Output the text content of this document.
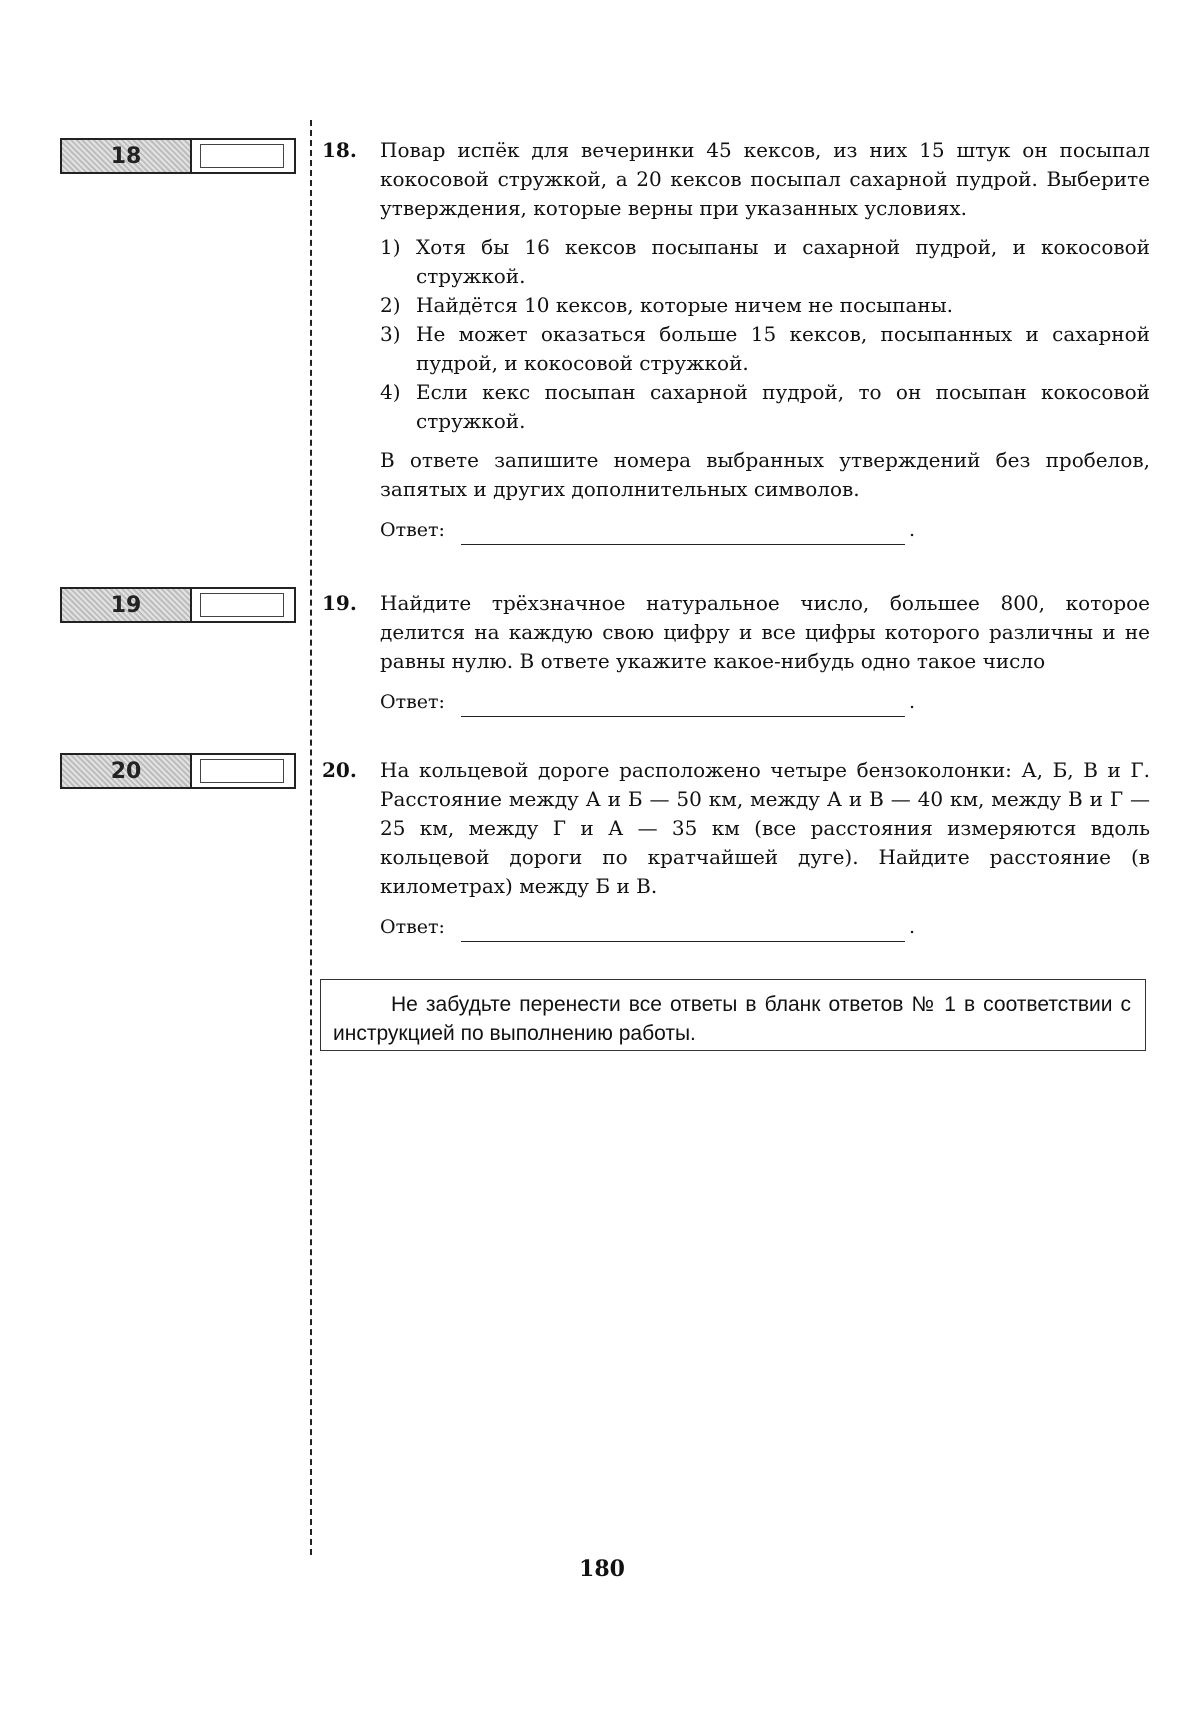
18
19
20
18. Повар испёк для вечеринки 45 кексов, из них 15 штук он посыпал кокосовой стружкой, а 20 кексов посыпал сахарной пудрой. Выберите утверждения, которые верны при указанных условиях.

1) Хотя бы 16 кексов посыпаны и сахарной пудрой, и кокосовой стружкой.
2) Найдётся 10 кексов, которые ничем не посыпаны.
3) Не может оказаться больше 15 кексов, посыпанных и сахарной пудрой, и кокосовой стружкой.
4) Если кекс посыпан сахарной пудрой, то он посыпан кокосовой стружкой.

В ответе запишите номера выбранных утверждений без пробелов, запятых и других дополнительных символов.

Ответ:	.
19. Найдите трёхзначное натуральное число, большее 800, которое делится на каждую свою цифру и все цифры которого различны и не равны нулю. В ответе укажите какое-нибудь одно такое число

Ответ:	.
20. На кольцевой дороге расположено четыре бензоколонки: А, Б, В и Г. Расстояние между А и Б — 50 км, между А и В — 40 км, между В и Г — 25 км, между Г и А — 35 км (все расстояния измеряются вдоль кольцевой дороги по кратчайшей дуге). Найдите расстояние (в километрах) между Б и В.

Ответ:	.
Не забудьте перенести все ответы в бланк ответов № 1 в соответствии с инструкцией по выполнению работы.
180
